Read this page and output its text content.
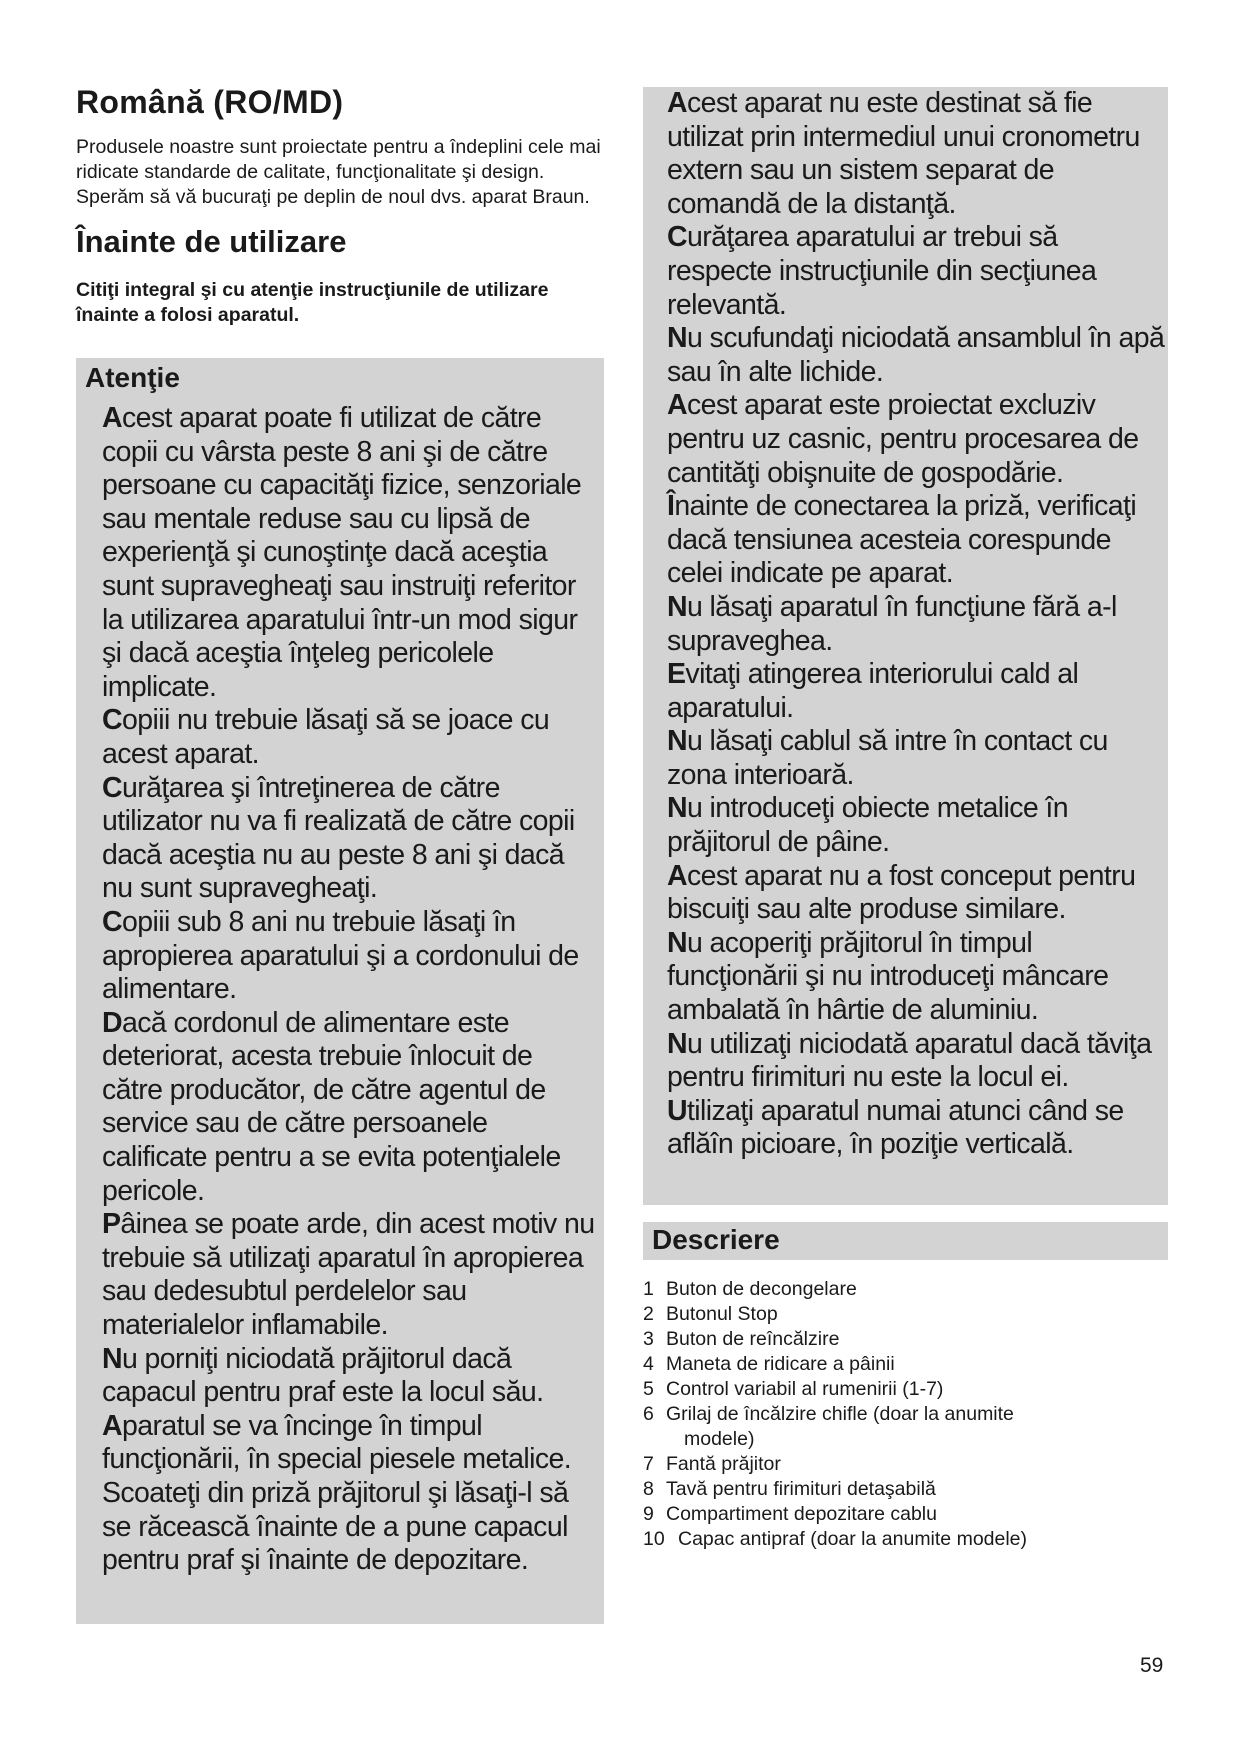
Română (RO/MD)

Produsele noastre sunt proiectate pentru a îndeplini cele mai ridicate standarde de calitate, funcţionalitate şi design. Sperăm să vă bucuraţi pe deplin de noul dvs. aparat Braun.

Înainte de utilizare

Citiţi integral şi cu atenţie instrucţiunile de utilizare înainte a folosi aparatul.

Atenţie
Acest aparat poate fi utilizat de către copii cu vârsta peste 8 ani şi de către persoane cu capacităţi fizice, senzoriale sau mentale reduse sau cu lipsă de experienţă şi cunoştinţe dacă aceştia sunt supravegheaţi sau instruiţi referitor la utilizarea aparatului într-un mod sigur şi dacă aceştia înţeleg pericolele implicate.
Copiii nu trebuie lăsaţi să se joace cu acest aparat.
Curăţarea şi întreţinerea de către utilizator nu va fi realizată de către copii dacă aceştia nu au peste 8 ani şi dacă nu sunt supravegheaţi.
Copiii sub 8 ani nu trebuie lăsaţi în apropierea aparatului şi a cordonului de alimentare.
Dacă cordonul de alimentare este deteriorat, acesta trebuie înlocuit de către producător, de către agentul de service sau de către persoanele calificate pentru a se evita potenţialele pericole.
Pâinea se poate arde, din acest motiv nu trebuie să utilizaţi aparatul în apropierea sau dedesubtul perdelelor sau materialelor inflamabile.
Nu porniţi niciodată prăjitorul dacă capacul pentru praf este la locul său.
Aparatul se va încinge în timpul funcţionării, în special piesele metalice. Scoateţi din priză prăjitorul şi lăsaţi-l să se răcească înainte de a pune capacul pentru praf şi înainte de depozitare.
Acest aparat nu este destinat să fie utilizat prin intermediul unui cronometru extern sau un sistem separat de comandă de la distanţă.
Curăţarea aparatului ar trebui să respecte instrucţiunile din secţiunea relevantă.
Nu scufundaţi niciodată ansamblul în apă sau în alte lichide.
Acest aparat este proiectat excluziv pentru uz casnic, pentru procesarea de cantităţi obişnuite de gospodărie.
Înainte de conectarea la priză, verificaţi dacă tensiunea acesteia corespunde celei indicate pe aparat.
Nu lăsaţi aparatul în funcţiune fără a-l supraveghea.
Evitaţi atingerea interiorului cald al aparatului.
Nu lăsaţi cablul să intre în contact cu zona interioară.
Nu introduceţi obiecte metalice în prăjitorul de pâine.
Acest aparat nu a fost conceput pentru biscuiţi sau alte produse similare.
Nu acoperiţi prăjitorul în timpul funcţionării şi nu introduceţi mâncare ambalată în hârtie de aluminiu.
Nu utilizaţi niciodată aparatul dacă tăviţa pentru firimituri nu este la locul ei.
Utilizaţi aparatul numai atunci când se aflăîn picioare, în poziţie verticală.
Descriere
1 Buton de decongelare
2 Butonul Stop
3 Buton de reîncălzire
4 Maneta de ridicare a pâinii
5 Control variabil al rumenirii (1-7)
6 Grilaj de încălzire chifle (doar la anumite
modele)
7 Fantă prăjitor
8 Tavă pentru firimituri detaşabilă
9 Compartiment depozitare cablu
10 Capac antipraf (doar la anumite modele)
59
